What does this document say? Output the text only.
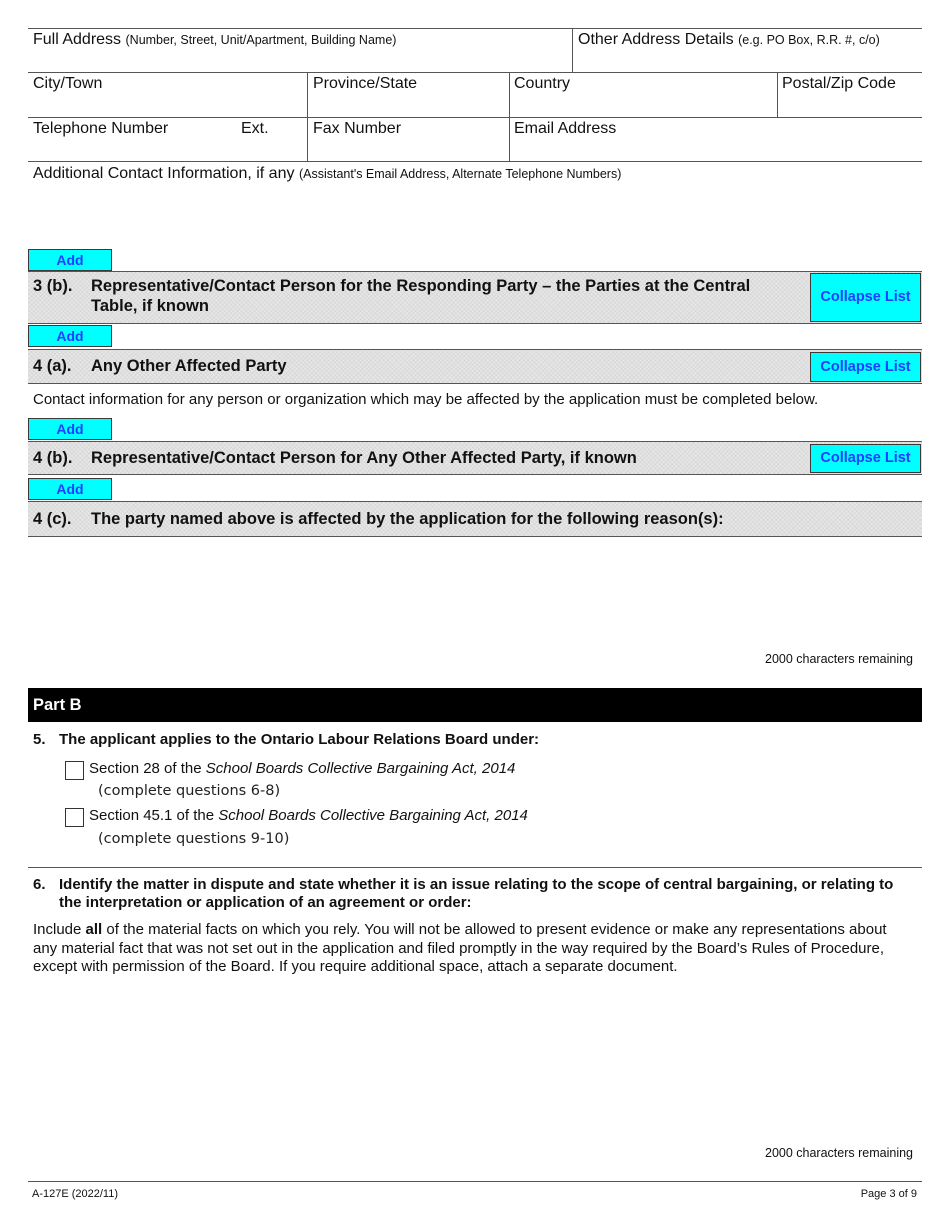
Full Address (Number, Street, Unit/Apartment, Building Name)	Other Address Details (e.g. PO Box, R.R. #, c/o)
City/Town	Province/State	Country	Postal/Zip Code
Telephone Number	Ext.	Fax Number	Email Address
Additional Contact Information, if any (Assistant's Email Address, Alternate Telephone Numbers)
Add
3 (b). Representative/Contact Person for the Responding Party – the Parties at the Central Table, if known	Collapse List
Add
4 (a). Any Other Affected Party	Collapse List
Contact information for any person or organization which may be affected by the application must be completed below.
Add
4 (b). Representative/Contact Person for Any Other Affected Party, if known	Collapse List
Add
4 (c). The party named above is affected by the application for the following reason(s):
2000 characters remaining
Part B
5. The applicant applies to the Ontario Labour Relations Board under:
Section 28 of the School Boards Collective Bargaining Act, 2014
(complete questions 6-8)
Section 45.1 of the School Boards Collective Bargaining Act, 2014
(complete questions 9-10)
6. Identify the matter in dispute and state whether it is an issue relating to the scope of central bargaining, or relating to the interpretation or application of an agreement or order:
Include all of the material facts on which you rely. You will not be allowed to present evidence or make any representations about any material fact that was not set out in the application and filed promptly in the way required by the Board’s Rules of Procedure, except with permission of the Board. If you require additional space, attach a separate document.
2000 characters remaining
A-127E (2022/11)	Page 3 of 9
